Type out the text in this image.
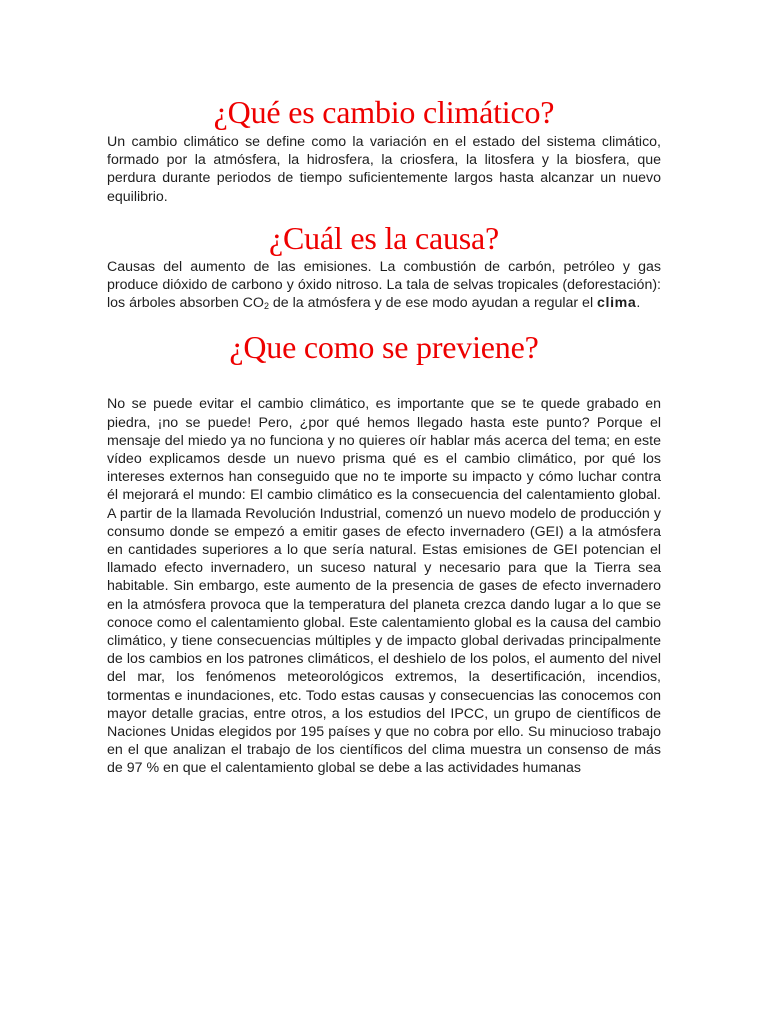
¿Qué es cambio climático?

Un cambio climático se define como la variación en el estado del sistema climático, formado por la atmósfera, la hidrosfera, la criosfera, la litosfera y la biosfera, que perdura durante periodos de tiempo suficientemente largos hasta alcanzar un nuevo equilibrio.

¿Cuál es la causa?

Causas del aumento de las emisiones. La combustión de carbón, petróleo y gas produce dióxido de carbono y óxido nitroso. La tala de selvas tropicales (deforestación): los árboles absorben $CO_2$ de la atmósfera y de ese modo ayudan a regular el clima.

¿Que como se previene?

No se puede evitar el cambio climático, es importante que se te quede grabado en piedra, ¡no se puede! Pero, ¿por qué hemos llegado hasta este punto? Porque el mensaje del miedo ya no funciona y no quieres oír hablar más acerca del tema; en este vídeo explicamos desde un nuevo prisma qué es el cambio climático, por qué los intereses externos han conseguido que no te importe su impacto y cómo luchar contra él mejorará el mundo: El cambio climático es la consecuencia del calentamiento global. A partir de la llamada Revolución Industrial, comenzó un nuevo modelo de producción y consumo donde se empezó a emitir gases de efecto invernadero (GEI) a la atmósfera en cantidades superiores a lo que sería natural. Estas emisiones de GEI potencian el llamado efecto invernadero, un suceso natural y necesario para que la Tierra sea habitable. Sin embargo, este aumento de la presencia de gases de efecto invernadero en la atmósfera provoca que la temperatura del planeta crezca dando lugar a lo que se conoce como el calentamiento global. Este calentamiento global es la causa del cambio climático, y tiene consecuencias múltiples y de impacto global derivadas principalmente de los cambios en los patrones climáticos, el deshielo de los polos, el aumento del nivel del mar, los fenómenos meteorológicos extremos, la desertificación, incendios, tormentas e inundaciones, etc. Todo estas causas y consecuencias las conocemos con mayor detalle gracias, entre otros, a los estudios del IPCC, un grupo de científicos de Naciones Unidas elegidos por 195 países y que no cobra por ello. Su minucioso trabajo en el que analizan el trabajo de los científicos del clima muestra un consenso de más de 97 % en que el calentamiento global se debe a las actividades humanas
